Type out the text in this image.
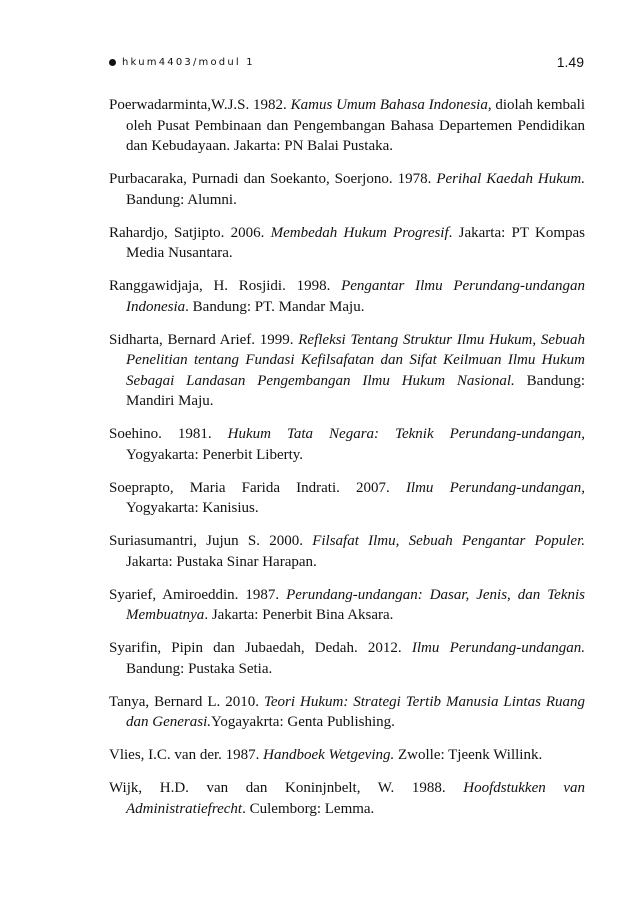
hkum4403/modul 1	1.49

Poerwadarminta,W.J.S. 1982. Kamus Umum Bahasa Indonesia, diolah kembali oleh Pusat Pembinaan dan Pengembangan Bahasa Departemen Pendidikan dan Kebudayaan. Jakarta: PN Balai Pustaka.

Purbacaraka, Purnadi dan Soekanto, Soerjono. 1978. Perihal Kaedah Hukum. Bandung: Alumni.

Rahardjo, Satjipto. 2006. Membedah Hukum Progresif. Jakarta: PT Kompas Media Nusantara.

Ranggawidjaja, H. Rosjidi. 1998. Pengantar Ilmu Perundang-undangan Indonesia. Bandung: PT. Mandar Maju.

Sidharta, Bernard Arief. 1999. Refleksi Tentang Struktur Ilmu Hukum, Sebuah Penelitian tentang Fundasi Kefilsafatan dan Sifat Keilmuan Ilmu Hukum Sebagai Landasan Pengembangan Ilmu Hukum Nasional. Bandung: Mandiri Maju.

Soehino. 1981. Hukum Tata Negara: Teknik Perundang-undangan, Yogyakarta: Penerbit Liberty.

Soeprapto, Maria Farida Indrati. 2007. Ilmu Perundang-undangan, Yogyakarta: Kanisius.

Suriasumantri, Jujun S. 2000. Filsafat Ilmu, Sebuah Pengantar Populer. Jakarta: Pustaka Sinar Harapan.

Syarief, Amiroeddin. 1987. Perundang-undangan: Dasar, Jenis, dan Teknis Membuatnya. Jakarta: Penerbit Bina Aksara.

Syarifin, Pipin dan Jubaedah, Dedah. 2012. Ilmu Perundang-undangan. Bandung: Pustaka Setia.

Tanya, Bernard L. 2010. Teori Hukum: Strategi Tertib Manusia Lintas Ruang dan Generasi.Yogayakrta: Genta Publishing.

Vlies, I.C. van der. 1987. Handboek Wetgeving. Zwolle: Tjeenk Willink.

Wijk, H.D. van dan Koninjnbelt, W. 1988. Hoofdstukken van Administratiefrecht. Culemborg: Lemma.
